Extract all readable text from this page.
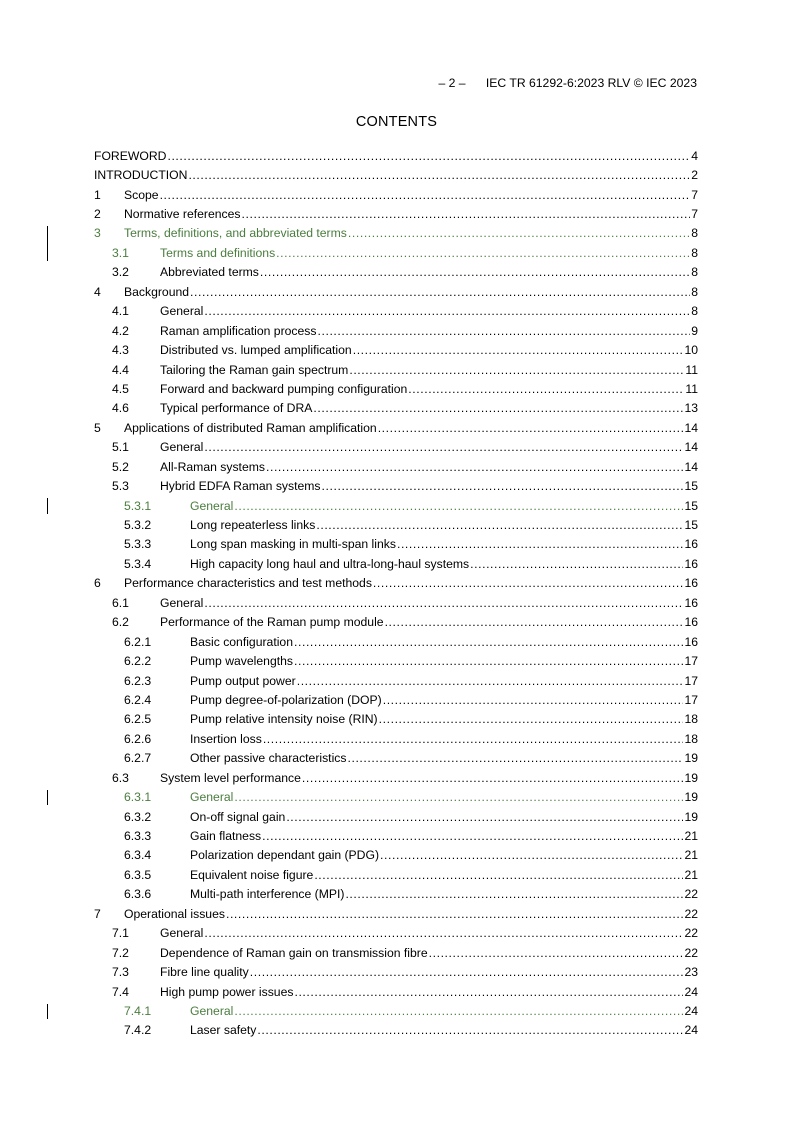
– 2 – IEC TR 61292-6:2023 RLV © IEC 2023
CONTENTS
FOREWORD .....	4
INTRODUCTION .....	2
1 Scope .....	7
2 Normative references .....	7
3 Terms, definitions, and abbreviated terms .....	8
3.1	Terms and definitions .....	8
3.2	Abbreviated terms .....	8
4 Background .....	8
4.1	General .....	8
4.2	Raman amplification process .....	9
4.3	Distributed vs. lumped amplification .....	10
4.4	Tailoring the Raman gain spectrum .....	11
4.5	Forward and backward pumping configuration .....	11
4.6	Typical performance of DRA .....	13
5 Applications of distributed Raman amplification .....	14
5.1	General .....	14
5.2	All-Raman systems .....	14
5.3	Hybrid EDFA Raman systems .....	15
5.3.1	General .....	15
5.3.2	Long repeaterless links .....	15
5.3.3	Long span masking in multi-span links .....	16
5.3.4	High capacity long haul and ultra-long-haul systems .....	16
6 Performance characteristics and test methods .....	16
6.1	General .....	16
6.2	Performance of the Raman pump module .....	16
6.2.1	Basic configuration .....	16
6.2.2	Pump wavelengths .....	17
6.2.3	Pump output power .....	17
6.2.4	Pump degree-of-polarization (DOP) .....	17
6.2.5	Pump relative intensity noise (RIN) .....	18
6.2.6	Insertion loss .....	18
6.2.7	Other passive characteristics .....	19
6.3	System level performance .....	19
6.3.1	General .....	19
6.3.2	On-off signal gain .....	19
6.3.3	Gain flatness .....	21
6.3.4	Polarization dependant gain (PDG) .....	21
6.3.5	Equivalent noise figure .....	21
6.3.6	Multi-path interference (MPI) .....	22
7 Operational issues .....	22
7.1	General .....	22
7.2	Dependence of Raman gain on transmission fibre .....	22
7.3	Fibre line quality .....	23
7.4	High pump power issues .....	24
7.4.1	General .....	24
7.4.2	Laser safety .....	24
